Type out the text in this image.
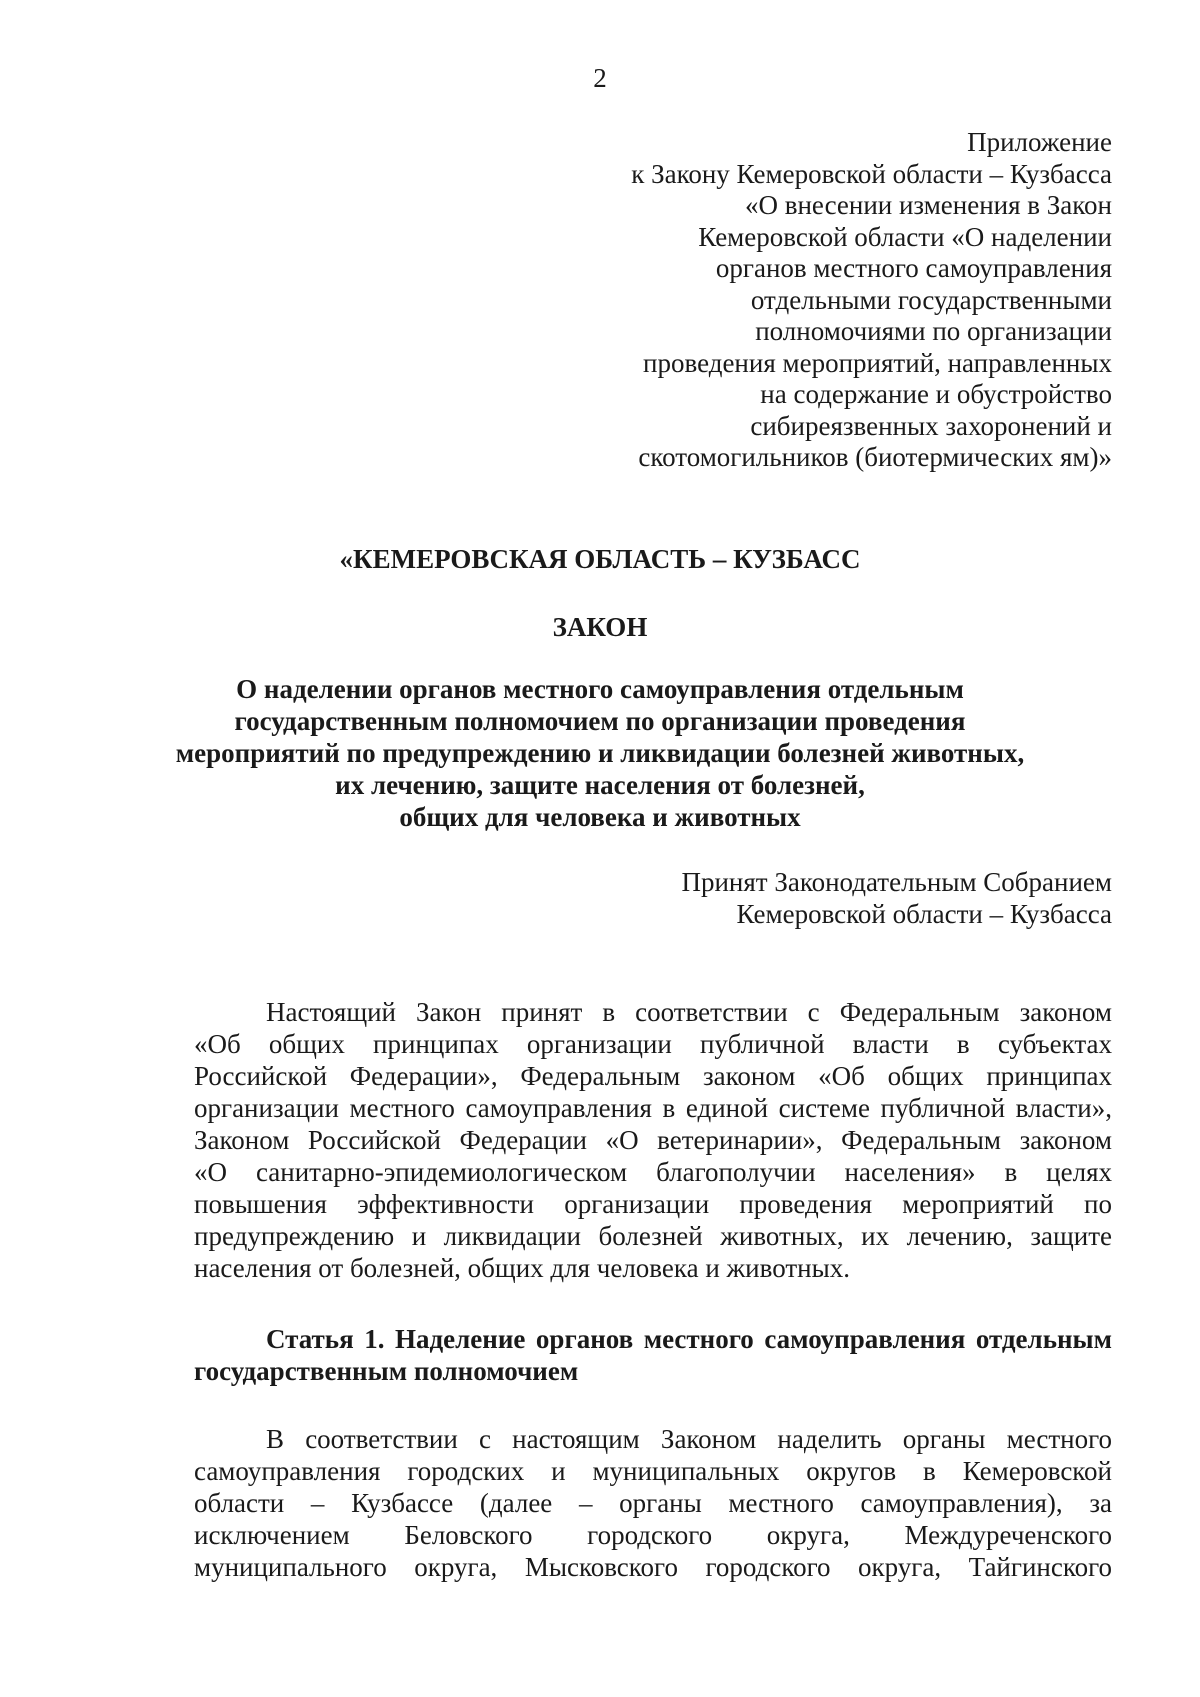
2
Приложение
к Закону Кемеровской области – Кузбасса
«О внесении изменения в Закон
Кемеровской области «О наделении
органов местного самоуправления
отдельными государственными
полномочиями по организации
проведения мероприятий, направленных
на содержание и обустройство
сибиреязвенных захоронений и
скотомогильников (биотермических ям)»
«КЕМЕРОВСКАЯ ОБЛАСТЬ – КУЗБАСС
ЗАКОН
О наделении органов местного самоуправления отдельным
государственным полномочием по организации проведения
мероприятий по предупреждению и ликвидации болезней животных,
их лечению, защите населения от болезней,
общих для человека и животных
Принят Законодательным Собранием
Кемеровской области – Кузбасса
Настоящий Закон принят в соответствии с Федеральным законом
«Об общих принципах организации публичной власти в субъектах
Российской Федерации», Федеральным законом «Об общих принципах
организации местного самоуправления в единой системе публичной власти»,
Законом Российской Федерации «О ветеринарии», Федеральным законом
«О санитарно-эпидемиологическом благополучии населения» в целях
повышения эффективности организации проведения мероприятий по
предупреждению и ликвидации болезней животных, их лечению, защите
населения от болезней, общих для человека и животных.
Статья 1. Наделение органов местного самоуправления отдельным
государственным полномочием
В соответствии с настоящим Законом наделить органы местного
самоуправления городских и муниципальных округов в Кемеровской
области – Кузбассе (далее – органы местного самоуправления), за
исключением Беловского городского округа, Междуреченского
муниципального округа, Мысковского городского округа, Тайгинского
